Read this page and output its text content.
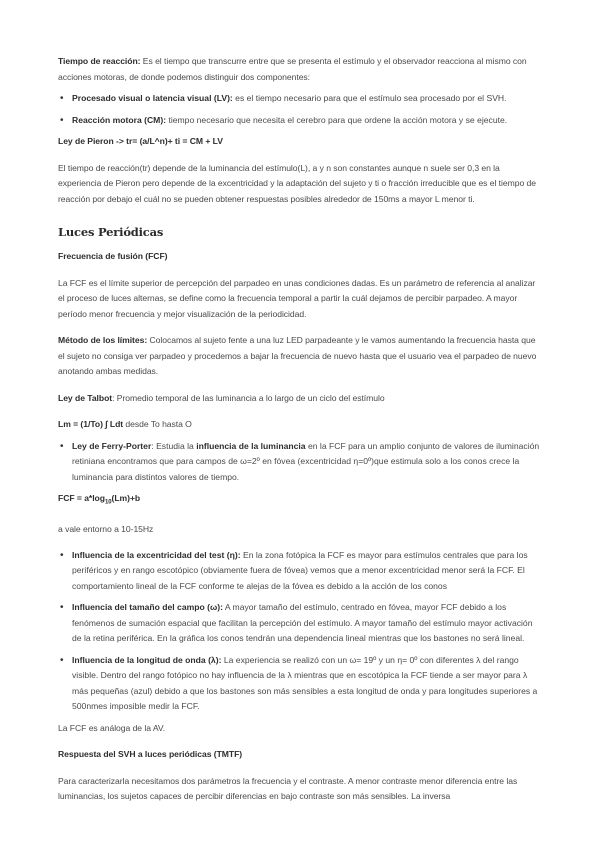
Tiempo de reacción: Es el tiempo que transcurre entre que se presenta el estímulo y el observador reacciona al mismo con acciones motoras, de donde podemos distinguir dos componentes:

• Procesado visual o latencia visual (LV): es el tiempo necesario para que el estímulo sea procesado por el SVH.
• Reacción motora (CM): tiempo necesario que necesita el cerebro para que ordene la acción motora y se ejecute.

Ley de Pieron -> tr= (a/L^n)+ ti = CM + LV

El tiempo de reacción(tr) depende de la luminancia del estímulo(L), a y n son constantes aunque n suele ser 0,3 en la experiencia de Pieron pero depende de la excentricidad y la adaptación del sujeto y ti o fracción irreducible que es el tiempo de reacción por debajo el cuál no se pueden obtener respuestas posibles alrededor de 150ms a mayor L menor ti.

Luces Periódicas

Frecuencia de fusión (FCF)

La FCF es el límite superior de percepción del parpadeo en unas condiciones dadas. Es un parámetro de referencia al analizar el proceso de luces alternas, se define como la frecuencia temporal a partir la cuál dejamos de percibir parpadeo. A mayor período menor frecuencia y mejor visualización de la periodicidad.

Método de los límites: Colocamos al sujeto fente a una luz LED parpadeante y le vamos aumentando la frecuencia hasta que el sujeto no consiga ver parpadeo y procedemos a bajar la frecuencia de nuevo hasta que el usuario vea el parpadeo de nuevo anotando ambas medidas.

Ley de Talbot: Promedio temporal de las luminancia a lo largo de un ciclo del estímulo

Lm = (1/To) ∫ Ldt desde To hasta O

• Ley de Ferry-Porter: Estudia la influencia de la luminancia en la FCF para un amplio conjunto de valores de iluminación retiniana encontramos que para campos de ω=2º en fóvea (excentricidad η=0º)que estimula solo a los conos crece la luminancia para distintos valores de tiempo.

FCF = $a*\log_{10}(Lm)+b$

a vale entorno a 10-15Hz

• Influencia de la excentricidad del test (η): En la zona fotópica la FCF es mayor para estímulos centrales que para los periféricos y en rango escotópico (obviamente fuera de fóvea) vemos que a menor excentricidad menor será la FCF. El comportamiento lineal de la FCF conforme te alejas de la fóvea es debido a la acción de los conos
• Influencia del tamaño del campo (ω): A mayor tamaño del estímulo, centrado en fóvea, mayor FCF debido a los fenómenos de sumación espacial que facilitan la percepción del estímulo. A mayor tamaño del estímulo mayor activación de la retina periférica. En la gráfica los conos tendrán una dependencia lineal mientras que los bastones no será lineal.
• Influencia de la longitud de onda (λ): La experiencia se realizó con un ω= 19º y un η= 0º con diferentes λ del rango visible. Dentro del rango fotópico no hay influencia de la λ mientras que en escotópica la FCF tiende a ser mayor para λ más pequeñas (azul) debido a que los bastones son más sensibles a esta longitud de onda y para longitudes superiores a 500nmes imposible medir la FCF.

La FCF es análoga de la AV.

Respuesta del SVH a luces periódicas (TMTF)

Para caracterizarla necesitamos dos parámetros la frecuencia y el contraste. A menor contraste menor diferencia entre las luminancias, los sujetos capaces de percibir diferencias en bajo contraste son más sensibles. La inversa
